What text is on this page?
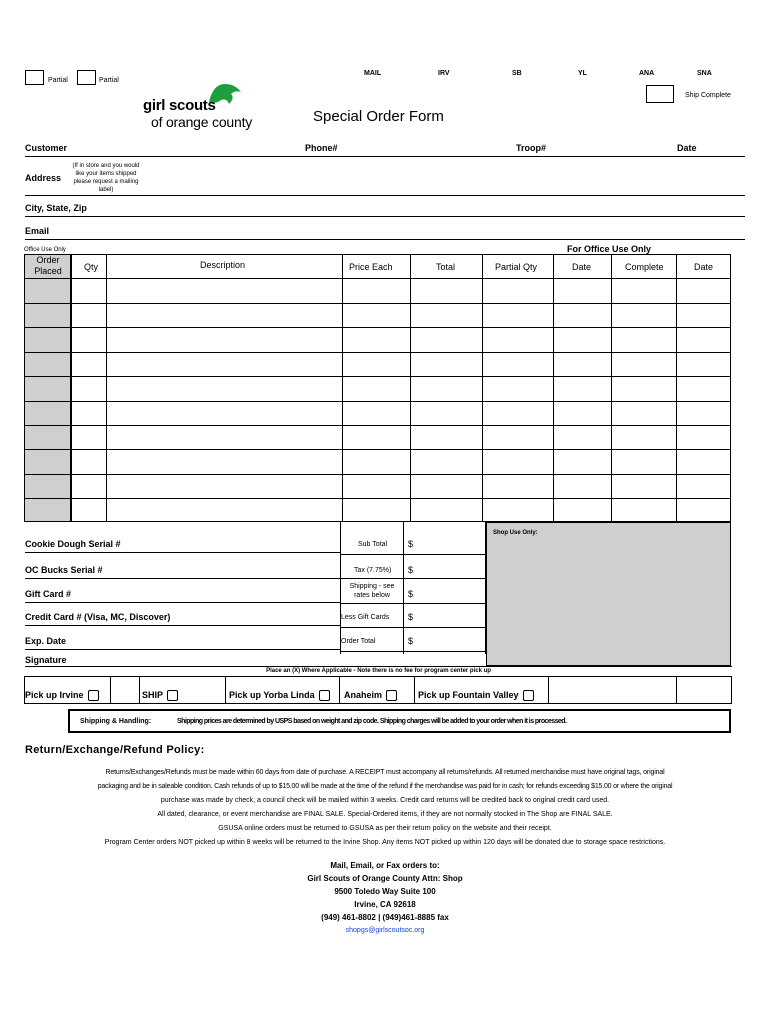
Partial	Partial
MAIL	IRV	SB	YL	ANA	SNA
Ship Complete
girl scouts
of orange county	Special Order Form
Customer	Phone#	Troop#	Date
Address
(If in store and you would like your items shipped please request a mailing label)
City, State, Zip
Email
Office Use Only	For Office Use Only
Order Placed	Qty	Description	Price Each	Total	Partial Qty	Date	Complete	Date
Cookie Dough Serial #
OC Bucks Serial #
Gift Card #
Credit Card # (Visa, MC, Discover)
Exp. Date
Signature
Sub Total $
Tax (7.75%) $
Shipping - see rates below	$
Less Gift Cards $
Order Total	$
Shop Use Only:
Place an (X) Where Applicable - Note there is no fee for program center pick up
Pick up Irvine	SHIP	Pick up Yorba Linda	Anaheim	Pick up Fountain Valley
Shipping & Handling:	Shipping prices are determined by USPS based on weight and zip code. Shipping charges will be added to your order when it is processed.
Return/Exchange/Refund Policy:

Returns/Exchanges/Refunds must be made within 60 days from date of purchase. A RECEIPT must accompany all returns/refunds. All returned merchandise must have original tags, original

packaging and be in saleable condition. Cash refunds of up to $15.00 will be made at the time of the refund if the merchandise was paid for in cash; for refunds exceeding $15.00 or where the original

purchase was made by check, a council check will be mailed within 3 weeks. Credit card returns will be credited back to original credit card used.

All dated, clearance, or event merchandise are FINAL SALE. Special-Ordered items, if they are not normally stocked in The Shop are FINAL SALE.

GSUSA online orders must be returned to GSUSA as per their return policy on the website and their receipt.

Program Center orders NOT picked up within 8 weeks will be returned to the Irvine Shop. Any items NOT picked up within 120 days will be donated due to storage space restrictions.

Mail, Email, or Fax orders to:

Girl Scouts of Orange County Attn: Shop

9500 Toledo Way Suite 100

Irvine, CA 92618

(949) 461-8802 | (949)461-8885 fax

shopgs@girlscoutsoc.org
